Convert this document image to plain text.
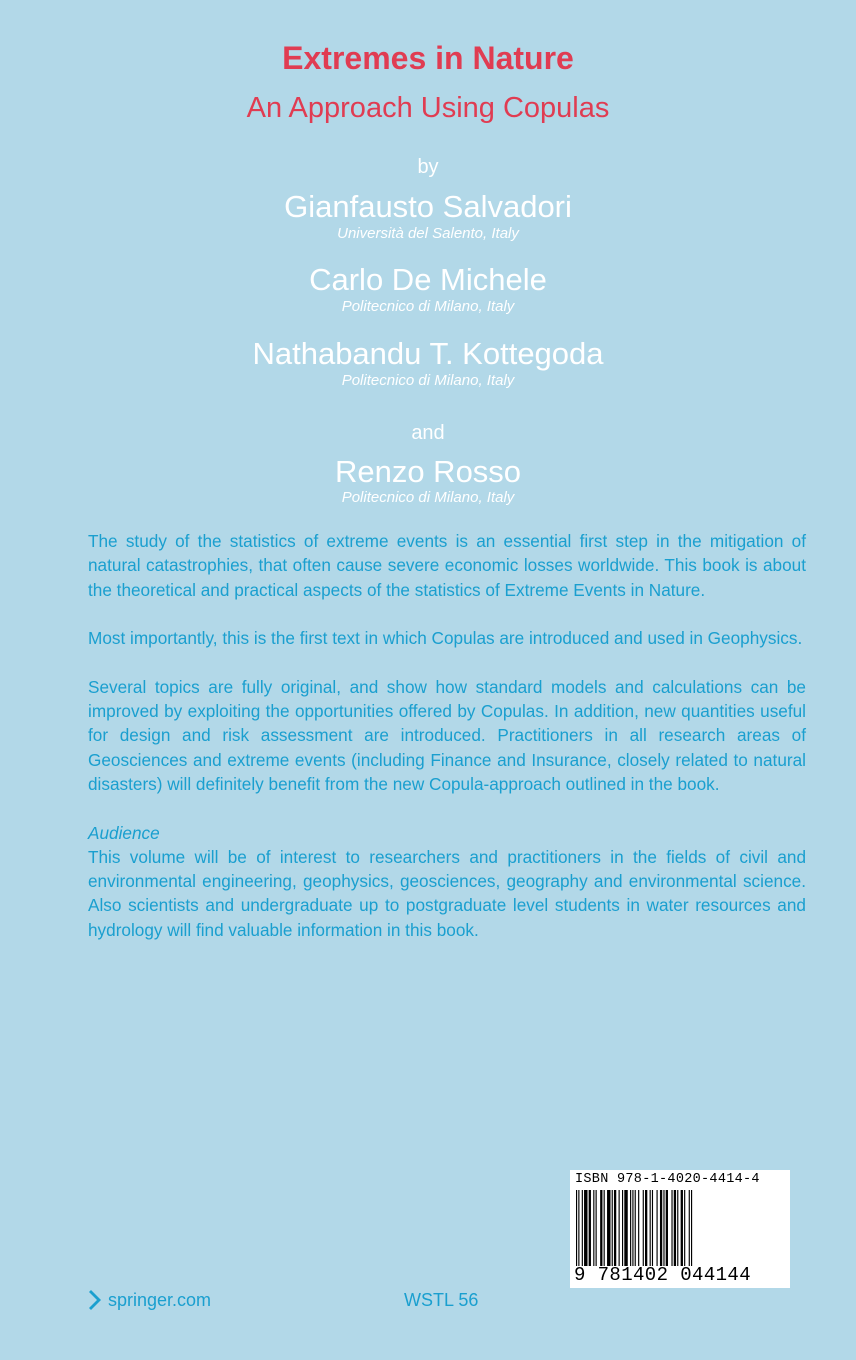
Extremes in Nature
An Approach Using Copulas
by
Gianfausto Salvadori
Università del Salento, Italy
Carlo De Michele
Politecnico di Milano, Italy
Nathabandu T. Kottegoda
Politecnico di Milano, Italy
and
Renzo Rosso
Politecnico di Milano, Italy

The study of the statistics of extreme events is an essential first step in the mitigation of natural catastrophies, that often cause severe economic losses worldwide. This book is about the theoretical and practical aspects of the statistics of Extreme Events in Nature.

Most importantly, this is the first text in which Copulas are introduced and used in Geophysics.

Several topics are fully original, and show how standard models and calculations can be improved by exploiting the opportunities offered by Copulas. In addition, new quantities useful for design and risk assessment are introduced. Practitioners in all research areas of Geosciences and extreme events (including Finance and Insurance, closely related to natural disasters) will definitely benefit from the new Copula-approach outlined in the book.

Audience

This volume will be of interest to researchers and practitioners in the fields of civil and environmental engineering, geophysics, geosciences, geography and environmental science. Also scientists and undergraduate up to postgraduate level students in water resources and hydrology will find valuable information in this book.

ISBN 978-1-4020-4414-4
9 781402 044144
springer.com	WSTL 56
